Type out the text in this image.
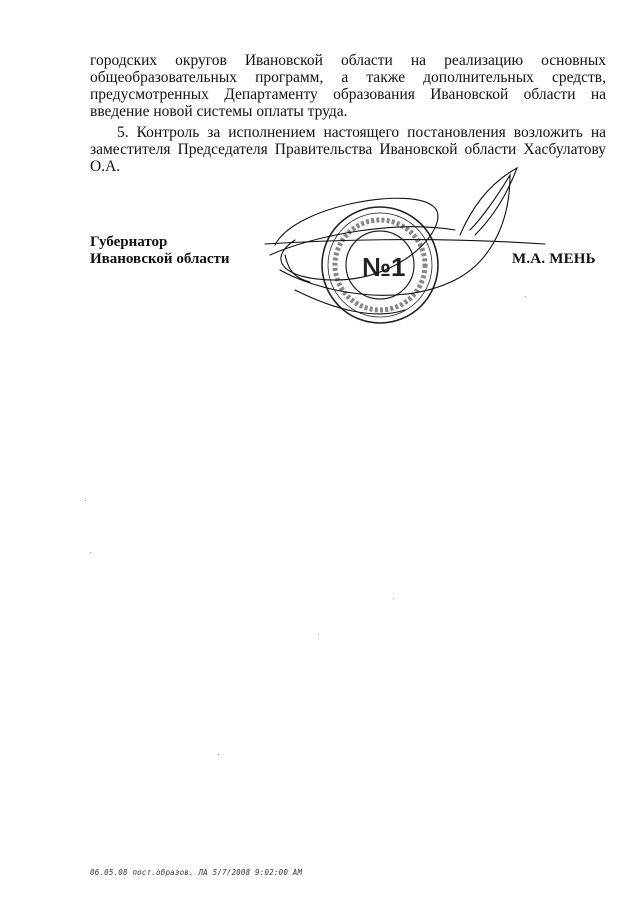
городских округов Ивановской области на реализацию основных общеобразовательных программ, а также дополнительных средств, предусмотренных Департаменту образования Ивановской области на введение новой системы оплаты труда.
5. Контроль за исполнением настоящего постановления возложить на заместителя Председателя Правительства Ивановской области Хасбулатову О.А.
Губернатор
Ивановской области	№1	М.А. МЕНЬ
06.05.08 пост.образов. ЛА 5/7/2008 9:02:00 AM
